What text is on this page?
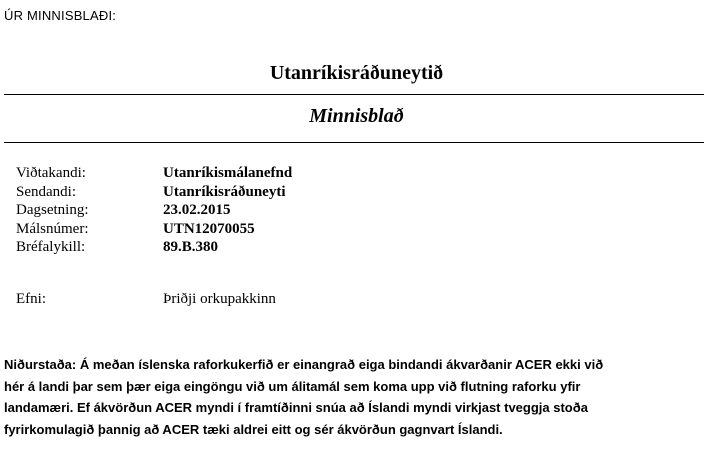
ÚR MINNISBLAÐI:
Utanríkisráðuneytið
Minnisblað
Viðtakandi:	Utanríkismálanefnd
Sendandi:	Utanríkisráðuneyti
Dagsetning:	23.02.2015
Málsnúmer:	UTN12070055
Bréfalykill:	89.B.380
Efni:	Þriðji orkupakkinn
Niðurstaða: Á meðan íslenska raforkukerfið er einangrað eiga bindandi ákvarðanir ACER ekki við
hér á landi þar sem þær eiga eingöngu við um álitamál sem koma upp við flutning raforku yfir
landamæri. Ef ákvörðun ACER myndi í framtíðinni snúa að Íslandi myndi virkjast tveggja stoða
fyrirkomulagið þannig að ACER tæki aldrei eitt og sér ákvörðun gagnvart Íslandi.
